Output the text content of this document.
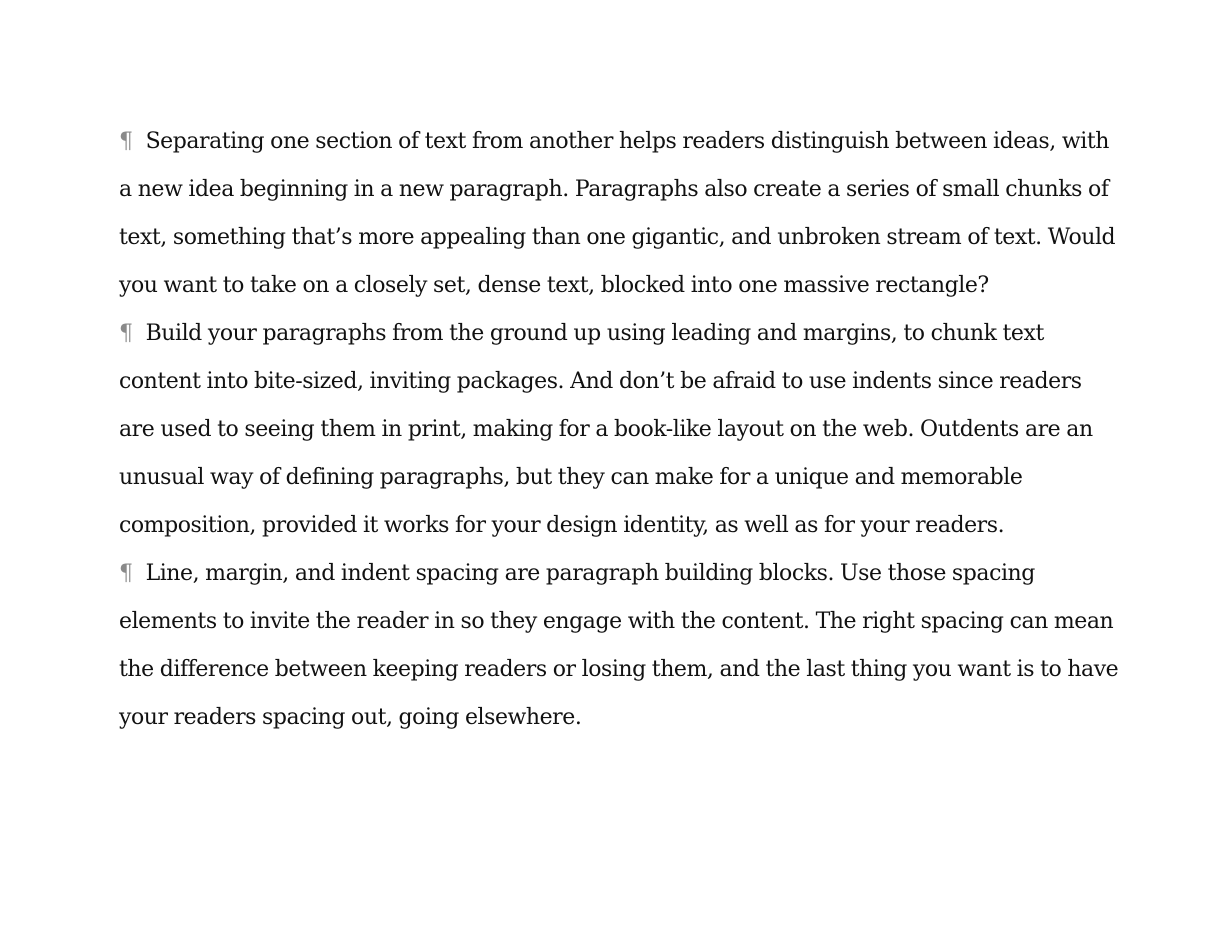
¶ Separating one section of text from another helps readers distinguish between ideas, with a new idea beginning in a new paragraph. Paragraphs also create a series of small chunks of text, something that’s more appealing than one gigantic, and unbroken stream of text. Would you want to take on a closely set, dense text, blocked into one massive rectangle?

¶ Build your paragraphs from the ground up using leading and margins, to chunk text content into bite-sized, inviting packages. And don’t be afraid to use indents since readers are used to seeing them in print, making for a book-like layout on the web. Outdents are an unusual way of defining paragraphs, but they can make for a unique and memorable composition, provided it works for your design identity, as well as for your readers.

¶ Line, margin, and indent spacing are paragraph building blocks. Use those spacing elements to invite the reader in so they engage with the content. The right spacing can mean the difference between keeping readers or losing them, and the last thing you want is to have your readers spacing out, going elsewhere.
